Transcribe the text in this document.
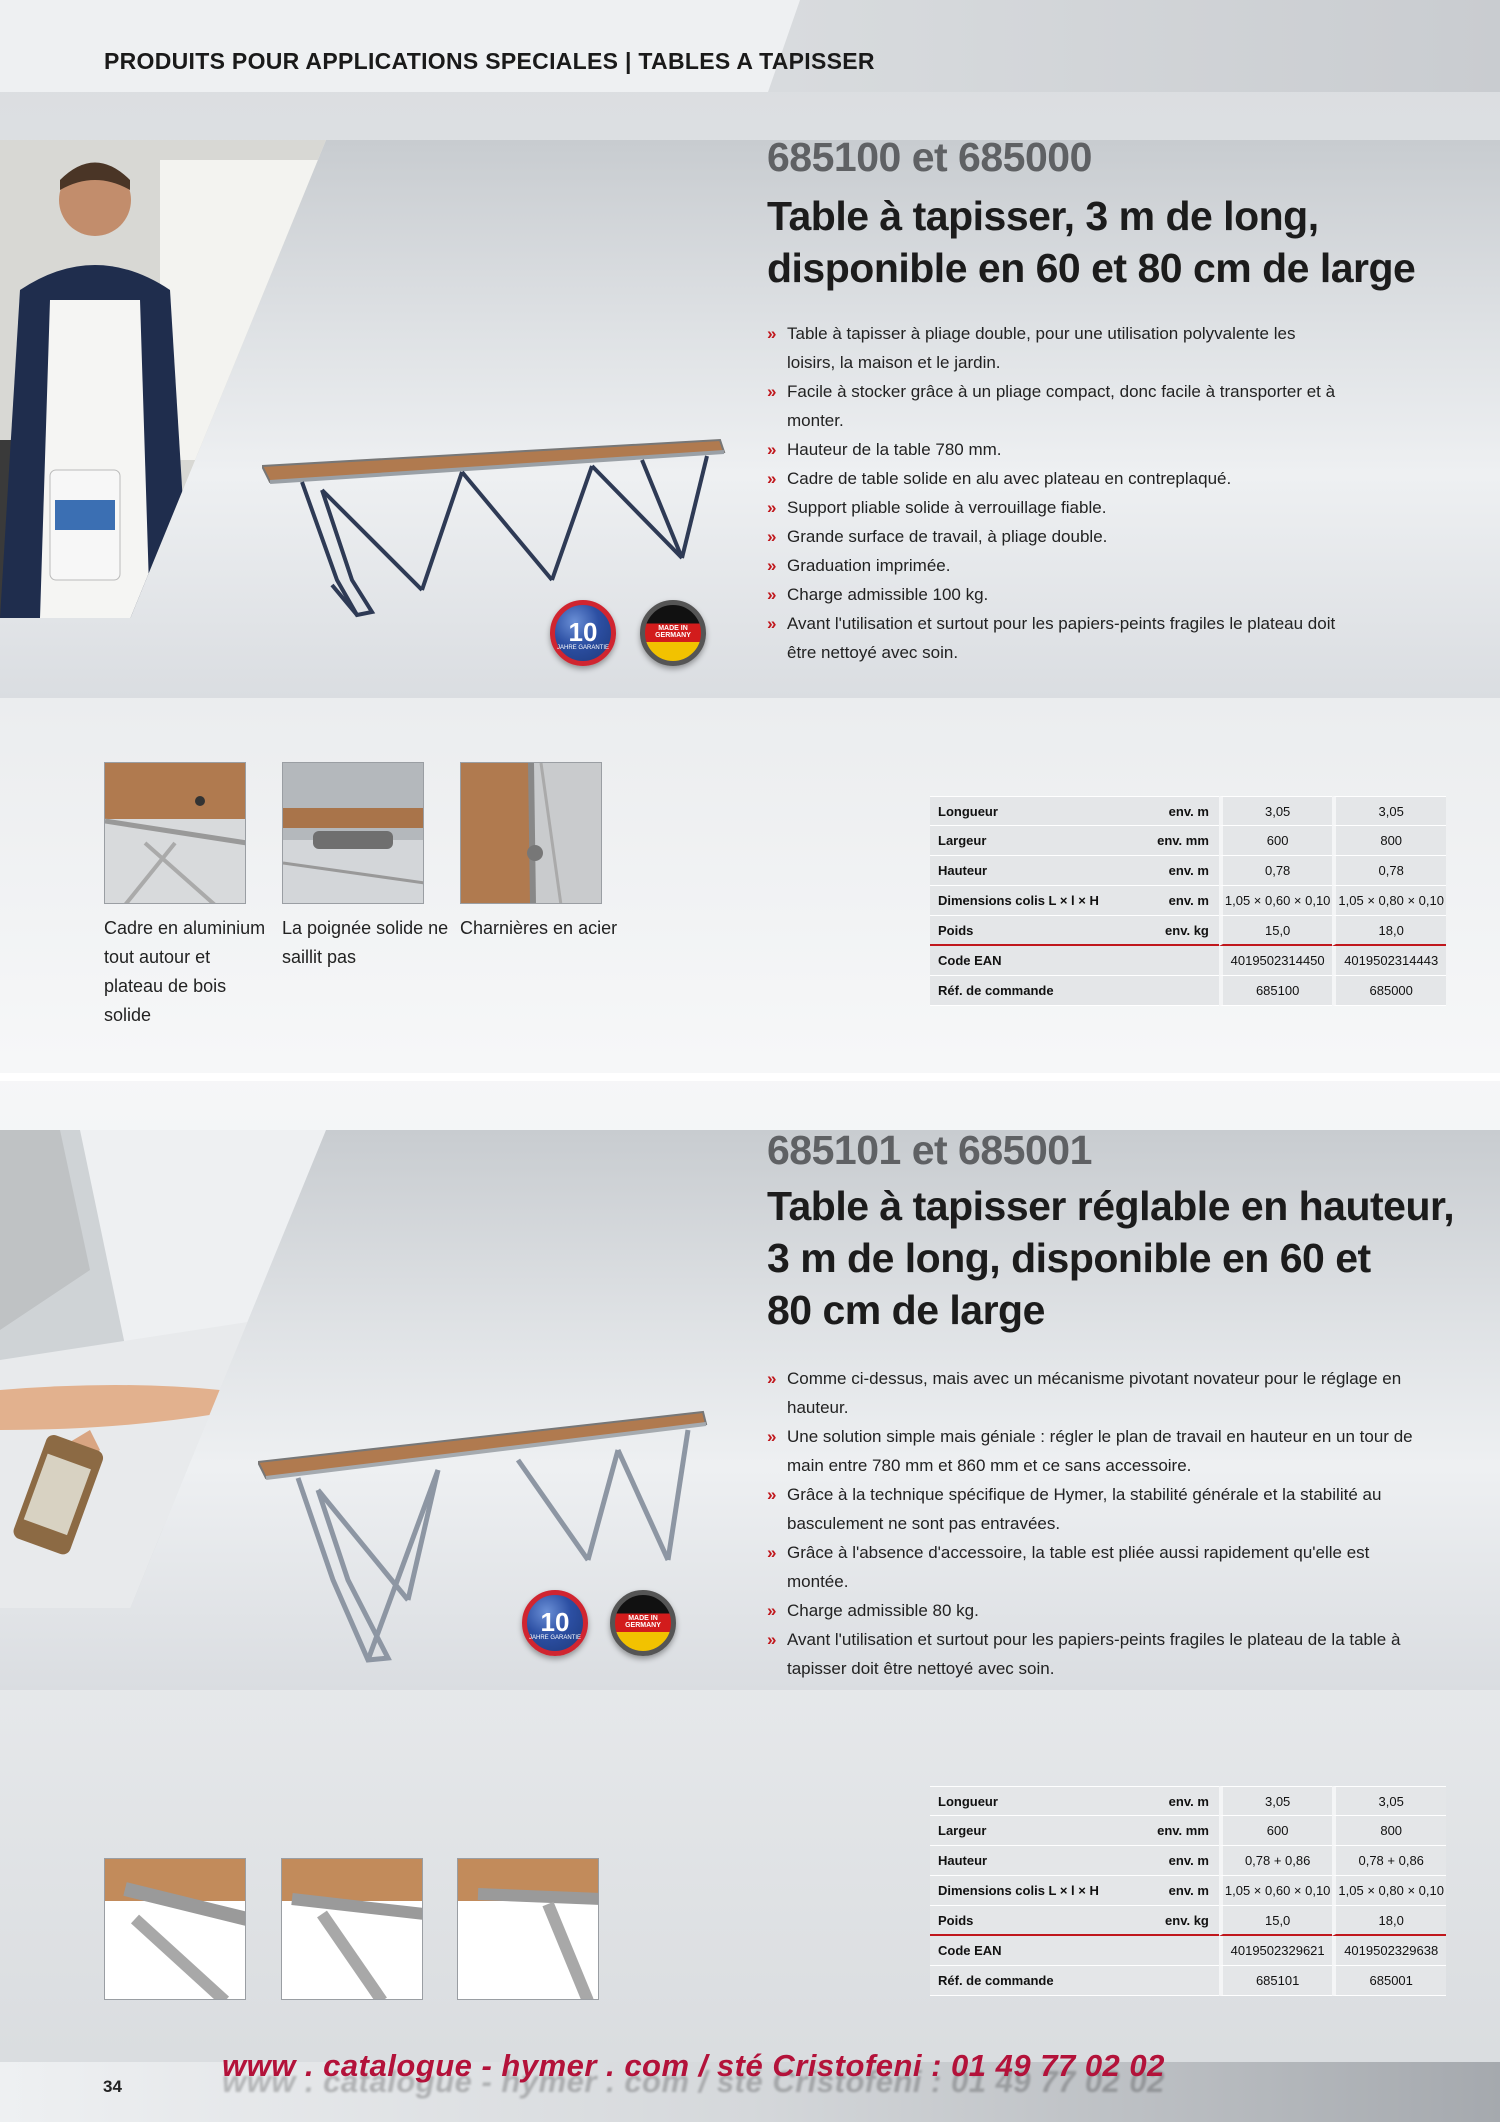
PRODUITS POUR APPLICATIONS SPECIALES | TABLES A TAPISSER
10
JAHRE GARANTIE
MADE IN GERMANY
685100 et 685000
Table à tapisser, 3 m de long,
disponible en 60 et 80 cm de large
» Table à tapisser à pliage double, pour une utilisation polyvalente les loisirs, la maison et le jardin.
» Facile à stocker grâce à un pliage compact, donc facile à transporter et à monter.
» Hauteur de la table 780 mm.
» Cadre de table solide en alu avec plateau en contreplaqué.
» Support pliable solide à verrouillage fiable.
» Grande surface de travail, à pliage double.
» Graduation imprimée.
» Charge admissible 100 kg.
» Avant l'utilisation et surtout pour les papiers-peints fragiles le plateau doit être nettoyé avec soin.
Cadre en aluminium tout autour et plateau de bois solide
La poignée solide ne saillit pas
Charnières en acier
Longueur	env. m	3,05	3,05
Largeur	env. mm	600	800
Hauteur	env. m	0,78	0,78
Dimensions colis L × l × H	env. m	1,05 × 0,60 × 0,10	1,05 × 0,80 × 0,10
Poids	env. kg	15,0	18,0
Code EAN		4019502314450	4019502314443
Réf. de commande		685100	685000
10
JAHRE GARANTIE
MADE IN GERMANY
685101 et 685001
Table à tapisser réglable en hauteur,
3 m de long, disponible en 60 et
80 cm de large
» Comme ci-dessus, mais avec un mécanisme pivotant novateur pour le réglage en hauteur.
» Une solution simple mais géniale : régler le plan de travail en hauteur en un tour de main entre 780 mm et 860 mm et ce sans accessoire.
» Grâce à la technique spécifique de Hymer, la stabilité générale et la stabilité au basculement ne sont pas entravées.
» Grâce à l'absence d'accessoire, la table est pliée aussi rapidement qu'elle est montée.
» Charge admissible 80 kg.
» Avant l'utilisation et surtout pour les papiers-peints fragiles le plateau de la table à tapisser doit être nettoyé avec soin.
Longueur	env. m	3,05	3,05
Largeur	env. mm	600	800
Hauteur	env. m	0,78 + 0,86	0,78 + 0,86
Dimensions colis L × l × H	env. m	1,05 × 0,60 × 0,10	1,05 × 0,80 × 0,10
Poids	env. kg	15,0	18,0
Code EAN		4019502329621	4019502329638
Réf. de commande		685101	685001
34
www . catalogue - hymer . com / sté Cristofeni : 01 49 77 02 02
